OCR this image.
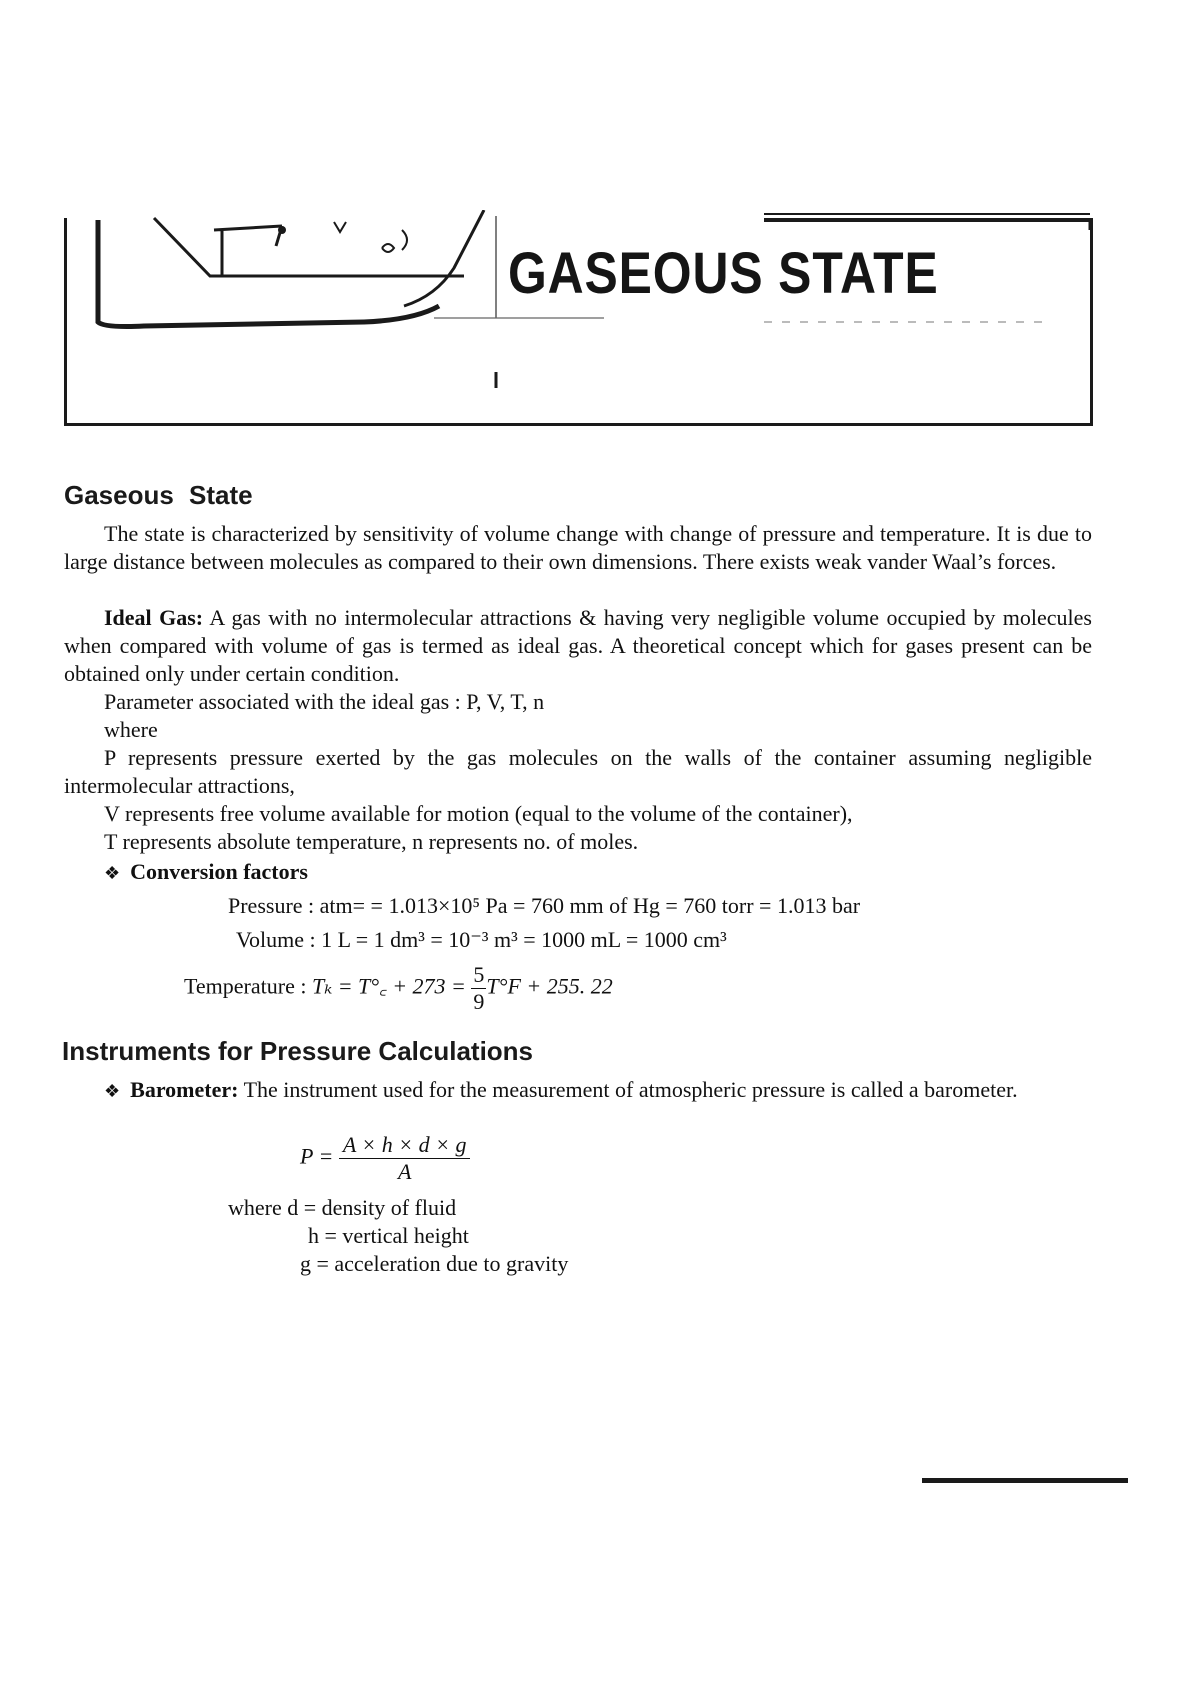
GASEOUS STATE
Gaseous State
The state is characterized by sensitivity of volume change with change of pressure and temperature. It is due to large distance between molecules as compared to their own dimensions. There exists weak vander Waal’s forces.
Ideal Gas: A gas with no intermolecular attractions & having very negligible volume occupied by molecules when compared with volume of gas is termed as ideal gas. A theoretical concept which for gases present can be obtained only under certain condition.
Parameter associated with the ideal gas : P, V, T, n
where
P represents pressure exerted by the gas molecules on the walls of the container assuming negligible intermolecular attractions,
V represents free volume available for motion (equal to the volume of the container),
T represents absolute temperature, n represents no. of moles.
❖ Conversion factors
Pressure : atm= = 1.013×10⁵ Pa = 760 mm of Hg = 760 torr = 1.013 bar
Volume : 1 L = 1 dm³ = 10⁻³ m³ = 1000 mL = 1000 cm³
Temperature : Tₖ = T°꜀ + $273 = \frac{5}{9} T^\circ F + 255$. 22
Instruments for Pressure Calculations
❖ Barometer: The instrument used for the measurement of atmospheric pressure is called a barometer.
$P = \frac{A \times h \times d \times g}{A}$
where d = density of fluid
h = vertical height
g = acceleration due to gravity
